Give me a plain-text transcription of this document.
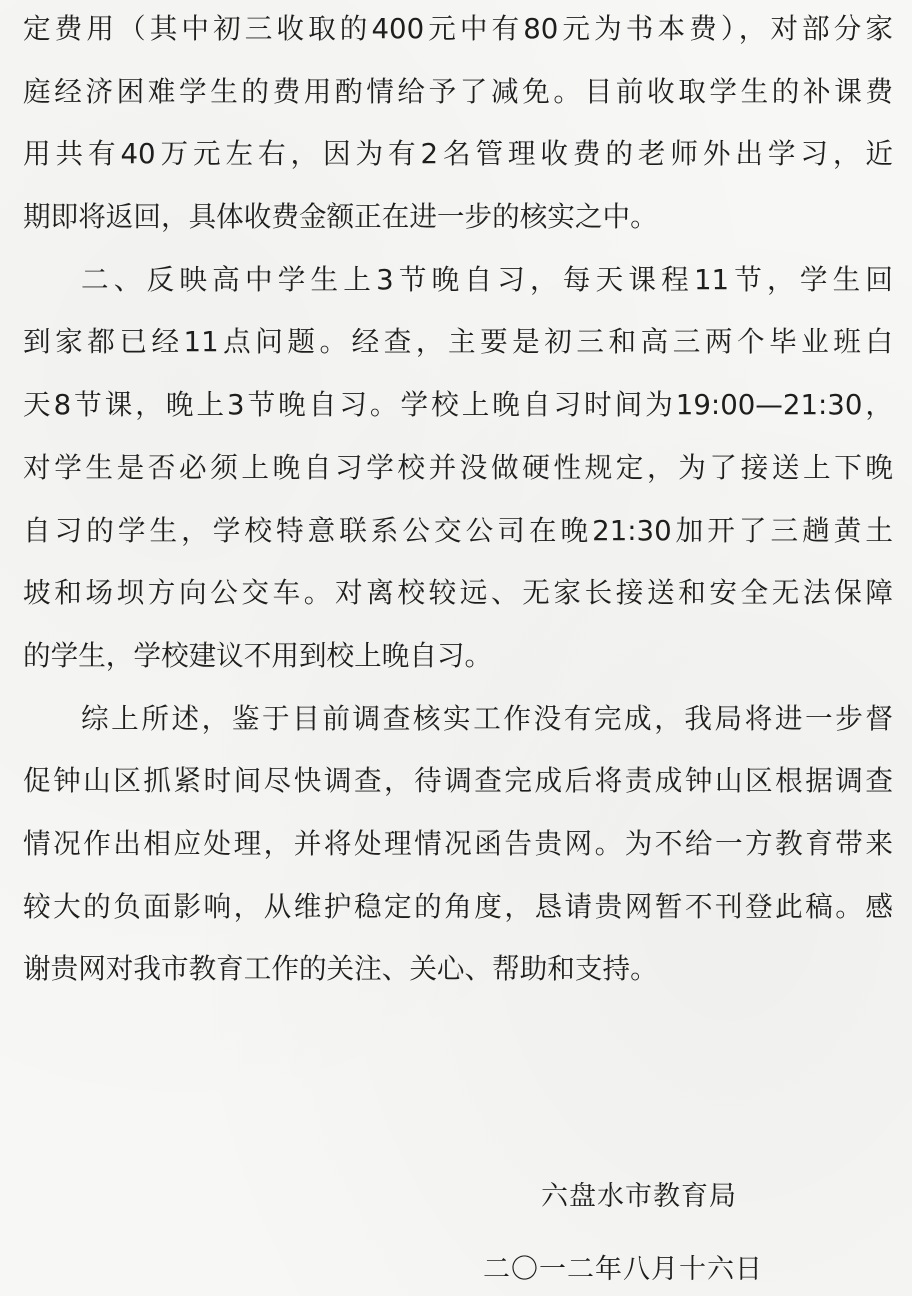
定费用（其中初三收取的400元中有80元为书本费），对部分家
庭经济困难学生的费用酌情给予了减免。目前收取学生的补课费
用共有40万元左右，因为有2名管理收费的老师外出学习，近
期即将返回，具体收费金额正在进一步的核实之中。
二、反映高中学生上3节晚自习，每天课程11节，学生回
到家都已经11点问题。经查，主要是初三和高三两个毕业班白
天8节课，晚上3节晚自习。学校上晚自习时间为19:00—21:30，
对学生是否必须上晚自习学校并没做硬性规定，为了接送上下晚
自习的学生，学校特意联系公交公司在晚21:30加开了三趟黄土
坡和场坝方向公交车。对离校较远、无家长接送和安全无法保障
的学生，学校建议不用到校上晚自习。
综上所述，鉴于目前调查核实工作没有完成，我局将进一步督
促钟山区抓紧时间尽快调查，待调查完成后将责成钟山区根据调查
情况作出相应处理，并将处理情况函告贵网。为不给一方教育带来
较大的负面影响，从维护稳定的角度，恳请贵网暂不刊登此稿。感
谢贵网对我市教育工作的关注、关心、帮助和支持。
六盘水市教育局
二〇一二年八月十六日
